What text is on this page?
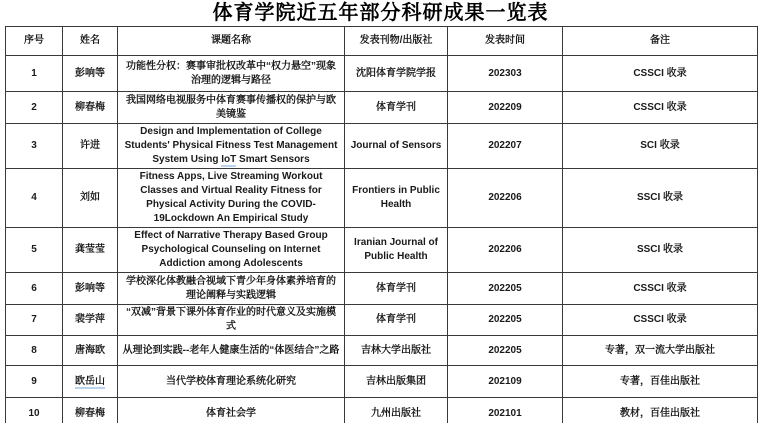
体育学院近五年部分科研成果一览表
序号	姓名	课题名称	发表刊物/出版社	发表时间	备注
1	彭响等	功能性分权：赛事审批权改革中“权力悬空”现象治理的逻辑与路径	沈阳体育学院学报	202303	CSSCI 收录
2	柳春梅	我国网络电视服务中体育赛事传播权的保护与欧美镜鉴	体育学刊	202209	CSSCI 收录
3	许进	Design and Implementation of College Students' Physical Fitness Test Management System Using IoT Smart Sensors	Journal of Sensors	202207	SCI 收录
4	刘如	Fitness Apps, Live Streaming Workout Classes and Virtual Reality Fitness for Physical Activity During the COVID-19Lockdown An Empirical Study	Frontiers in Public Health	202206	SSCI 收录
5	龚莹莹	Effect of Narrative Therapy Based Group Psychological Counseling on Internet Addiction among Adolescents	Iranian Journal of Public Health	202206	SSCI 收录
6	彭响等	学校深化体教融合视域下青少年身体素养培育的理论阐释与实践逻辑	体育学刊	202205	CSSCI 收录
7	裴学萍	“双减”背景下课外体育作业的时代意义及实施模式	体育学刊	202205	CSSCI 收录
8	唐海欧	从理论到实践--老年人健康生活的“体医结合”之路	吉林大学出版社	202205	专著，双一流大学出版社
9	欧岳山	当代学校体育理论系统化研究	吉林出版集团	202109	专著，百佳出版社
10	柳春梅	体育社会学	九州出版社	202101	教材，百佳出版社
